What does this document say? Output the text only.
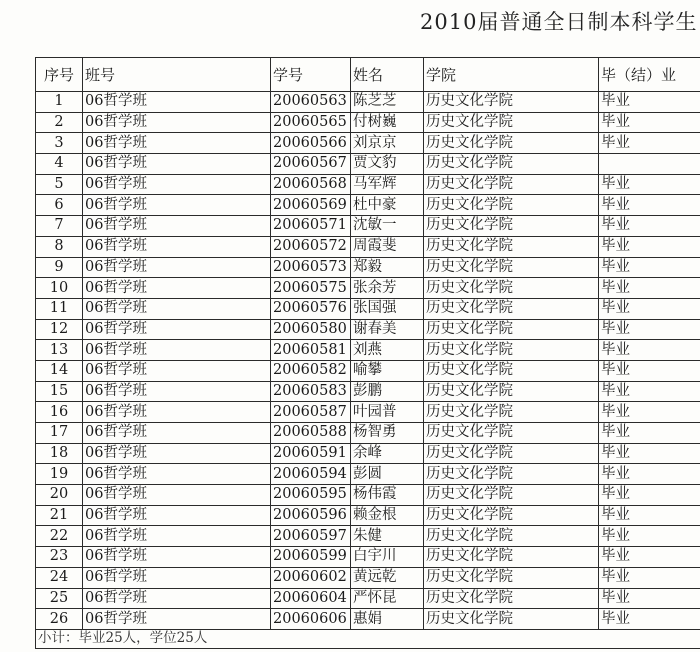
2010届普通全日制本科学生
序号	班号	学号	姓名	学院	毕（结）业
1	06哲学班	20060563	陈芝芝	历史文化学院	毕业
2	06哲学班	20060565	付树巍	历史文化学院	毕业
3	06哲学班	20060566	刘京京	历史文化学院	毕业
4	06哲学班	20060567	贾文豹	历史文化学院	
5	06哲学班	20060568	马军辉	历史文化学院	毕业
6	06哲学班	20060569	杜中豪	历史文化学院	毕业
7	06哲学班	20060571	沈敏一	历史文化学院	毕业
8	06哲学班	20060572	周霞斐	历史文化学院	毕业
9	06哲学班	20060573	郑毅	历史文化学院	毕业
10	06哲学班	20060575	张余芳	历史文化学院	毕业
11	06哲学班	20060576	张国强	历史文化学院	毕业
12	06哲学班	20060580	谢春美	历史文化学院	毕业
13	06哲学班	20060581	刘燕	历史文化学院	毕业
14	06哲学班	20060582	喻攀	历史文化学院	毕业
15	06哲学班	20060583	彭鹏	历史文化学院	毕业
16	06哲学班	20060587	叶园普	历史文化学院	毕业
17	06哲学班	20060588	杨智勇	历史文化学院	毕业
18	06哲学班	20060591	余峰	历史文化学院	毕业
19	06哲学班	20060594	彭圆	历史文化学院	毕业
20	06哲学班	20060595	杨伟霞	历史文化学院	毕业
21	06哲学班	20060596	赖金根	历史文化学院	毕业
22	06哲学班	20060597	朱健	历史文化学院	毕业
23	06哲学班	20060599	白宇川	历史文化学院	毕业
24	06哲学班	20060602	黄远乾	历史文化学院	毕业
25	06哲学班	20060604	严怀昆	历史文化学院	毕业
26	06哲学班	20060606	惠娟	历史文化学院	毕业
小计：毕业25人，学位25人					
